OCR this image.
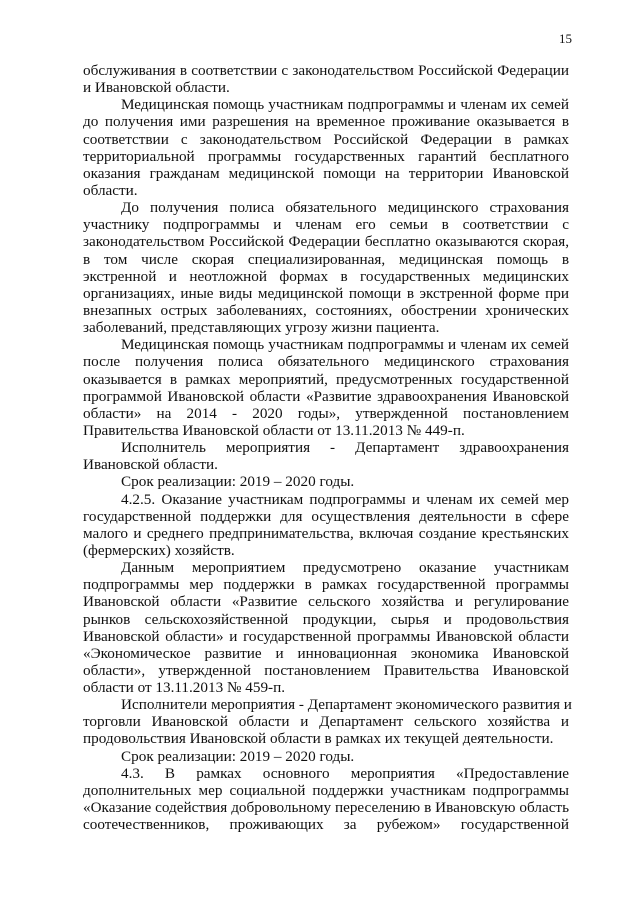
15
обслуживания в соответствии с законодательством Российской Федерации
и Ивановской области.
Медицинская помощь участникам подпрограммы и членам их семей
до получения ими разрешения на временное проживание оказывается в
соответствии с законодательством Российской Федерации в рамках
территориальной программы государственных гарантий бесплатного
оказания гражданам медицинской помощи на территории Ивановской
области.
До получения полиса обязательного медицинского страхования
участнику подпрограммы и членам его семьи в соответствии с
законодательством Российской Федерации бесплатно оказываются скорая,
в том числе скорая специализированная, медицинская помощь в
экстренной и неотложной формах в государственных медицинских
организациях, иные виды медицинской помощи в экстренной форме при
внезапных острых заболеваниях, состояниях, обострении хронических
заболеваний, представляющих угрозу жизни пациента.
Медицинская помощь участникам подпрограммы и членам их семей
после получения полиса обязательного медицинского страхования
оказывается в рамках мероприятий, предусмотренных государственной
программой Ивановской области «Развитие здравоохранения Ивановской
области» на 2014 - 2020 годы», утвержденной постановлением
Правительства Ивановской области от 13.11.2013 № 449-п.
Исполнитель мероприятия - Департамент здравоохранения
Ивановской области.
Срок реализации: 2019 – 2020 годы.
4.2.5. Оказание участникам подпрограммы и членам их семей мер
государственной поддержки для осуществления деятельности в сфере
малого и среднего предпринимательства, включая создание крестьянских
(фермерских) хозяйств.
Данным мероприятием предусмотрено оказание участникам
подпрограммы мер поддержки в рамках государственной программы
Ивановской области «Развитие сельского хозяйства и регулирование
рынков сельскохозяйственной продукции, сырья и продовольствия
Ивановской области» и государственной программы Ивановской области
«Экономическое развитие и инновационная экономика Ивановской
области», утвержденной постановлением Правительства Ивановской
области от 13.11.2013 № 459-п.
Исполнители мероприятия - Департамент экономического развития и
торговли Ивановской области и Департамент сельского хозяйства и
продовольствия Ивановской области в рамках их текущей деятельности.
Срок реализации: 2019 – 2020 годы.
4.3. В рамках основного мероприятия «Предоставление
дополнительных мер социальной поддержки участникам подпрограммы
«Оказание содействия добровольному переселению в Ивановскую область
соотечественников, проживающих за рубежом» государственной
